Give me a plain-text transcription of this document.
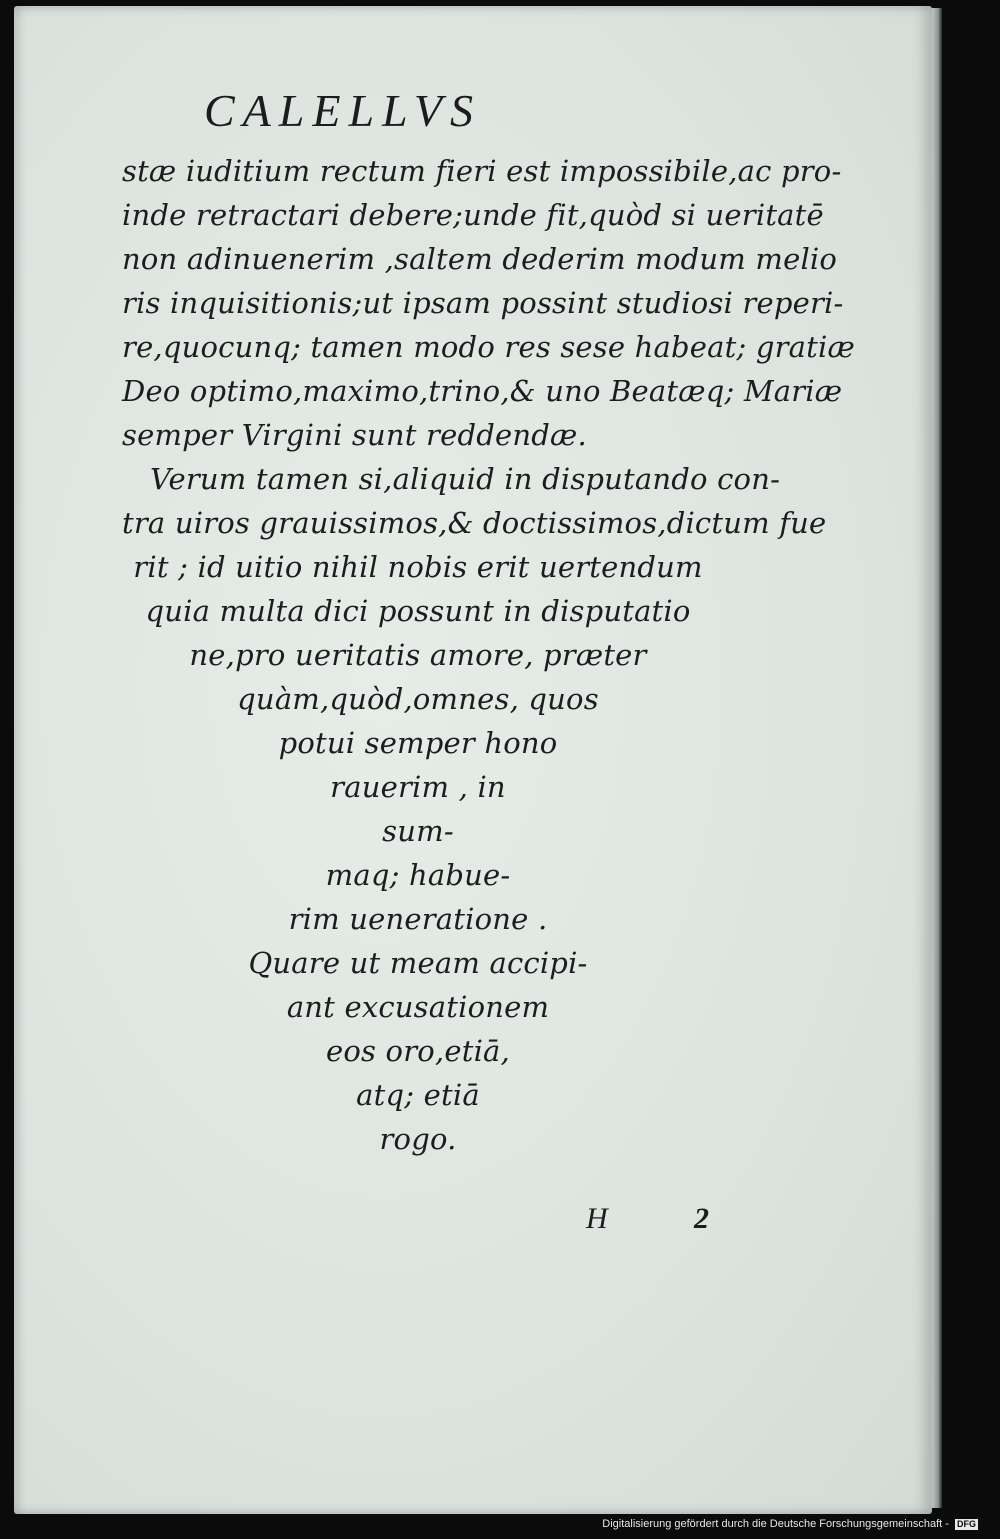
CALELLVS
stæ iuditium rectum fieri est impossibile,ac pro-
inde retractari debere;unde fit,quòd si ueritatē
non adinuenerim ,saltem dederim modum melio
ris inquisitionis;ut ipsam possint studiosi reperi-
re,quocunq; tamen modo res sese habeat; gratiæ
Deo optimo,maximo,trino,& uno Beatæq; Mariæ
semper Virgini sunt reddendæ.
Verum tamen si,aliquid in disputando con-
tra uiros grauissimos,& doctissimos,dictum fue
rit ; id uitio nihil nobis erit uertendum
quia multa dici possunt in disputatio
ne,pro ueritatis amore, præter
quàm,quòd,omnes, quos
potui semper hono
rauerim , in
sum-
maq; habue-
rim ueneratione .
Quare ut meam accipi-
ant excusationem
eos oro,etiā,
atq; etiā
rogo.
H	2
Digitalisierung gefördert durch die Deutsche Forschungsgemeinschaft - DFG
